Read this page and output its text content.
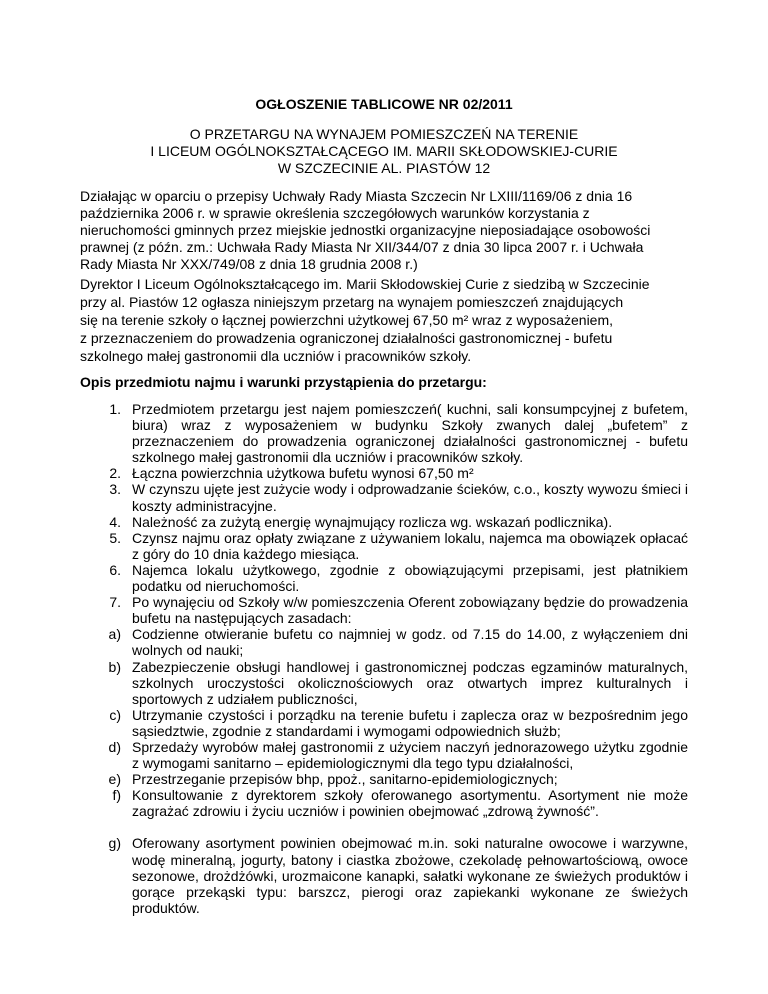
OGŁOSZENIE TABLICOWE NR 02/2011
O PRZETARGU NA WYNAJEM POMIESZCZEŃ NA TERENIE
I LICEUM OGÓLNOKSZTAŁCĄCEGO IM. MARII SKŁODOWSKIEJ-CURIE
W SZCZECINIE AL. PIASTÓW 12
Działając w oparciu o przepisy Uchwały Rady Miasta Szczecin Nr LXIII/1169/06 z dnia 16
października 2006 r. w sprawie określenia szczegółowych warunków korzystania z
nieruchomości gminnych przez miejskie jednostki organizacyjne nieposiadające osobowości
prawnej (z późn. zm.: Uchwała Rady Miasta Nr XII/344/07 z dnia 30 lipca 2007 r. i Uchwała
Rady Miasta Nr XXX/749/08 z dnia 18 grudnia 2008 r.)
Dyrektor I Liceum Ogólnokształcącego im. Marii Skłodowskiej Curie z siedzibą w Szczecinie
przy al. Piastów 12 ogłasza niniejszym przetarg na wynajem pomieszczeń znajdujących
się na terenie szkoły o łącznej powierzchni użytkowej 67,50 m² wraz z wyposażeniem,
z przeznaczeniem do prowadzenia ograniczonej działalności gastronomicznej - bufetu
szkolnego małej gastronomii dla uczniów i pracowników szkoły.
Opis przedmiotu najmu i warunki przystąpienia do przetargu:
1. Przedmiotem przetargu jest najem pomieszczeń( kuchni, sali konsumpcyjnej z bufetem, biura) wraz z wyposażeniem w budynku Szkoły zwanych dalej „bufetem” z przeznaczeniem do prowadzenia ograniczonej działalności gastronomicznej - bufetu szkolnego małej gastronomii dla uczniów i pracowników szkoły.
2. Łączna powierzchnia użytkowa bufetu wynosi 67,50 m²
3. W czynszu ujęte jest zużycie wody i odprowadzanie ścieków, c.o., koszty wywozu śmieci i koszty administracyjne.
4. Należność za zużytą energię wynajmujący rozlicza wg. wskazań podlicznika).
5. Czynsz najmu oraz opłaty związane z używaniem lokalu, najemca ma obowiązek opłacać z góry do 10 dnia każdego miesiąca.
6. Najemca lokalu użytkowego, zgodnie z obowiązującymi przepisami, jest płatnikiem podatku od nieruchomości.
7. Po wynajęciu od Szkoły w/w pomieszczenia Oferent zobowiązany będzie do prowadzenia bufetu na następujących zasadach:
a) Codzienne otwieranie bufetu co najmniej w godz. od 7.15 do 14.00, z wyłączeniem dni wolnych od nauki;
b) Zabezpieczenie obsługi handlowej i gastronomicznej podczas egzaminów maturalnych, szkolnych uroczystości okolicznościowych oraz otwartych imprez kulturalnych i sportowych z udziałem publiczności,
c) Utrzymanie czystości i porządku na terenie bufetu i zaplecza oraz w bezpośrednim jego sąsiedztwie, zgodnie z standardami i wymogami odpowiednich służb;
d) Sprzedaży wyrobów małej gastronomii z użyciem naczyń jednorazowego użytku zgodnie z wymogami sanitarno – epidemiologicznymi dla tego typu działalności,
e) Przestrzeganie przepisów bhp, ppoż., sanitarno-epidemiologicznych;
f) Konsultowanie z dyrektorem szkoły oferowanego asortymentu. Asortyment nie może zagrażać zdrowiu i życiu uczniów i powinien obejmować „zdrową żywność”.
g) Oferowany asortyment powinien obejmować m.in. soki naturalne owocowe i warzywne, wodę mineralną, jogurty, batony i ciastka zbożowe, czekoladę pełnowartościową, owoce sezonowe, drożdżówki, urozmaicone kanapki, sałatki wykonane ze świeżych produktów i gorące przekąski typu: barszcz, pierogi oraz zapiekanki wykonane ze świeżych produktów.
